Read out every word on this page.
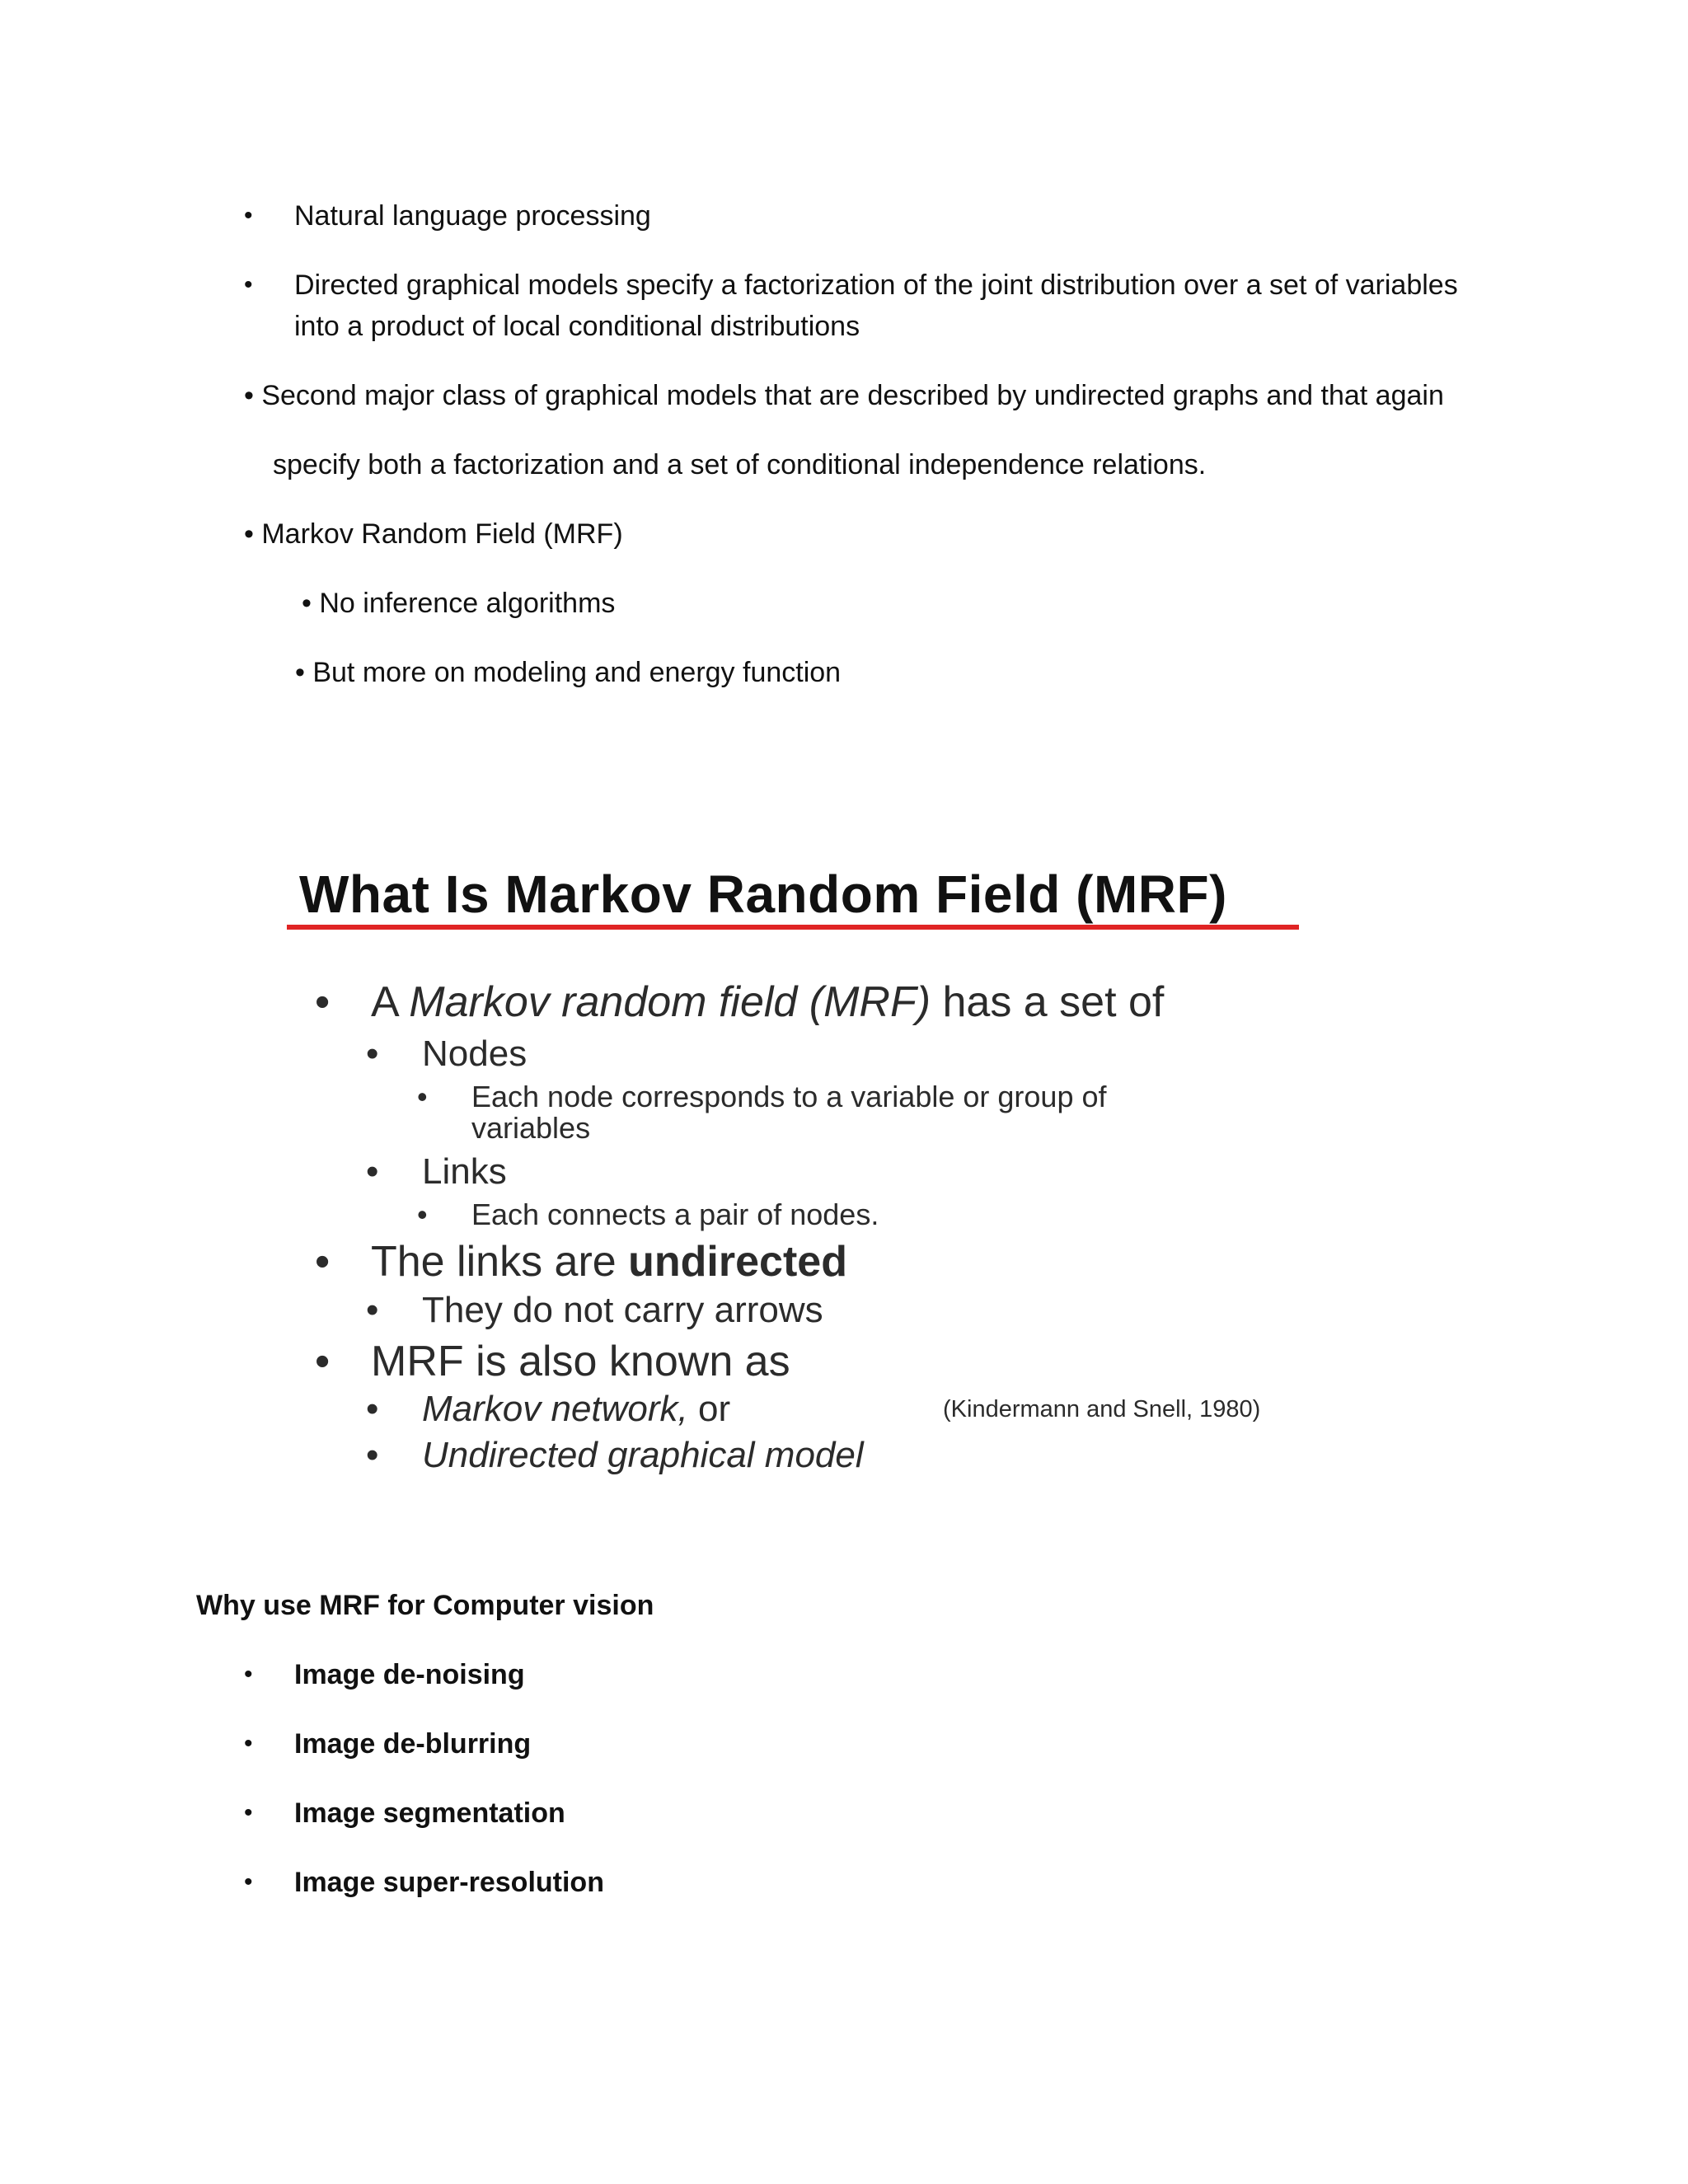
• Natural language processing
• Directed graphical models specify a factorization of the joint distribution over a set of variables
into a product of local conditional distributions
• Second major class of graphical models that are described by undirected graphs and that again
specify both a factorization and a set of conditional independence relations.
• Markov Random Field (MRF)
• No inference algorithms
• But more on modeling and energy function
What Is Markov Random Field (MRF)
• A Markov random field (MRF) has a set of
• Nodes
• Each node corresponds to a variable or group of
variables
• Links
• Each connects a pair of nodes.
• The links are undirected
• They do not carry arrows
• MRF is also known as
• Markov network, or	(Kindermann and Snell, 1980)
• Undirected graphical model
Why use MRF for Computer vision
• Image de-noising
• Image de-blurring
• Image segmentation
• Image super-resolution
